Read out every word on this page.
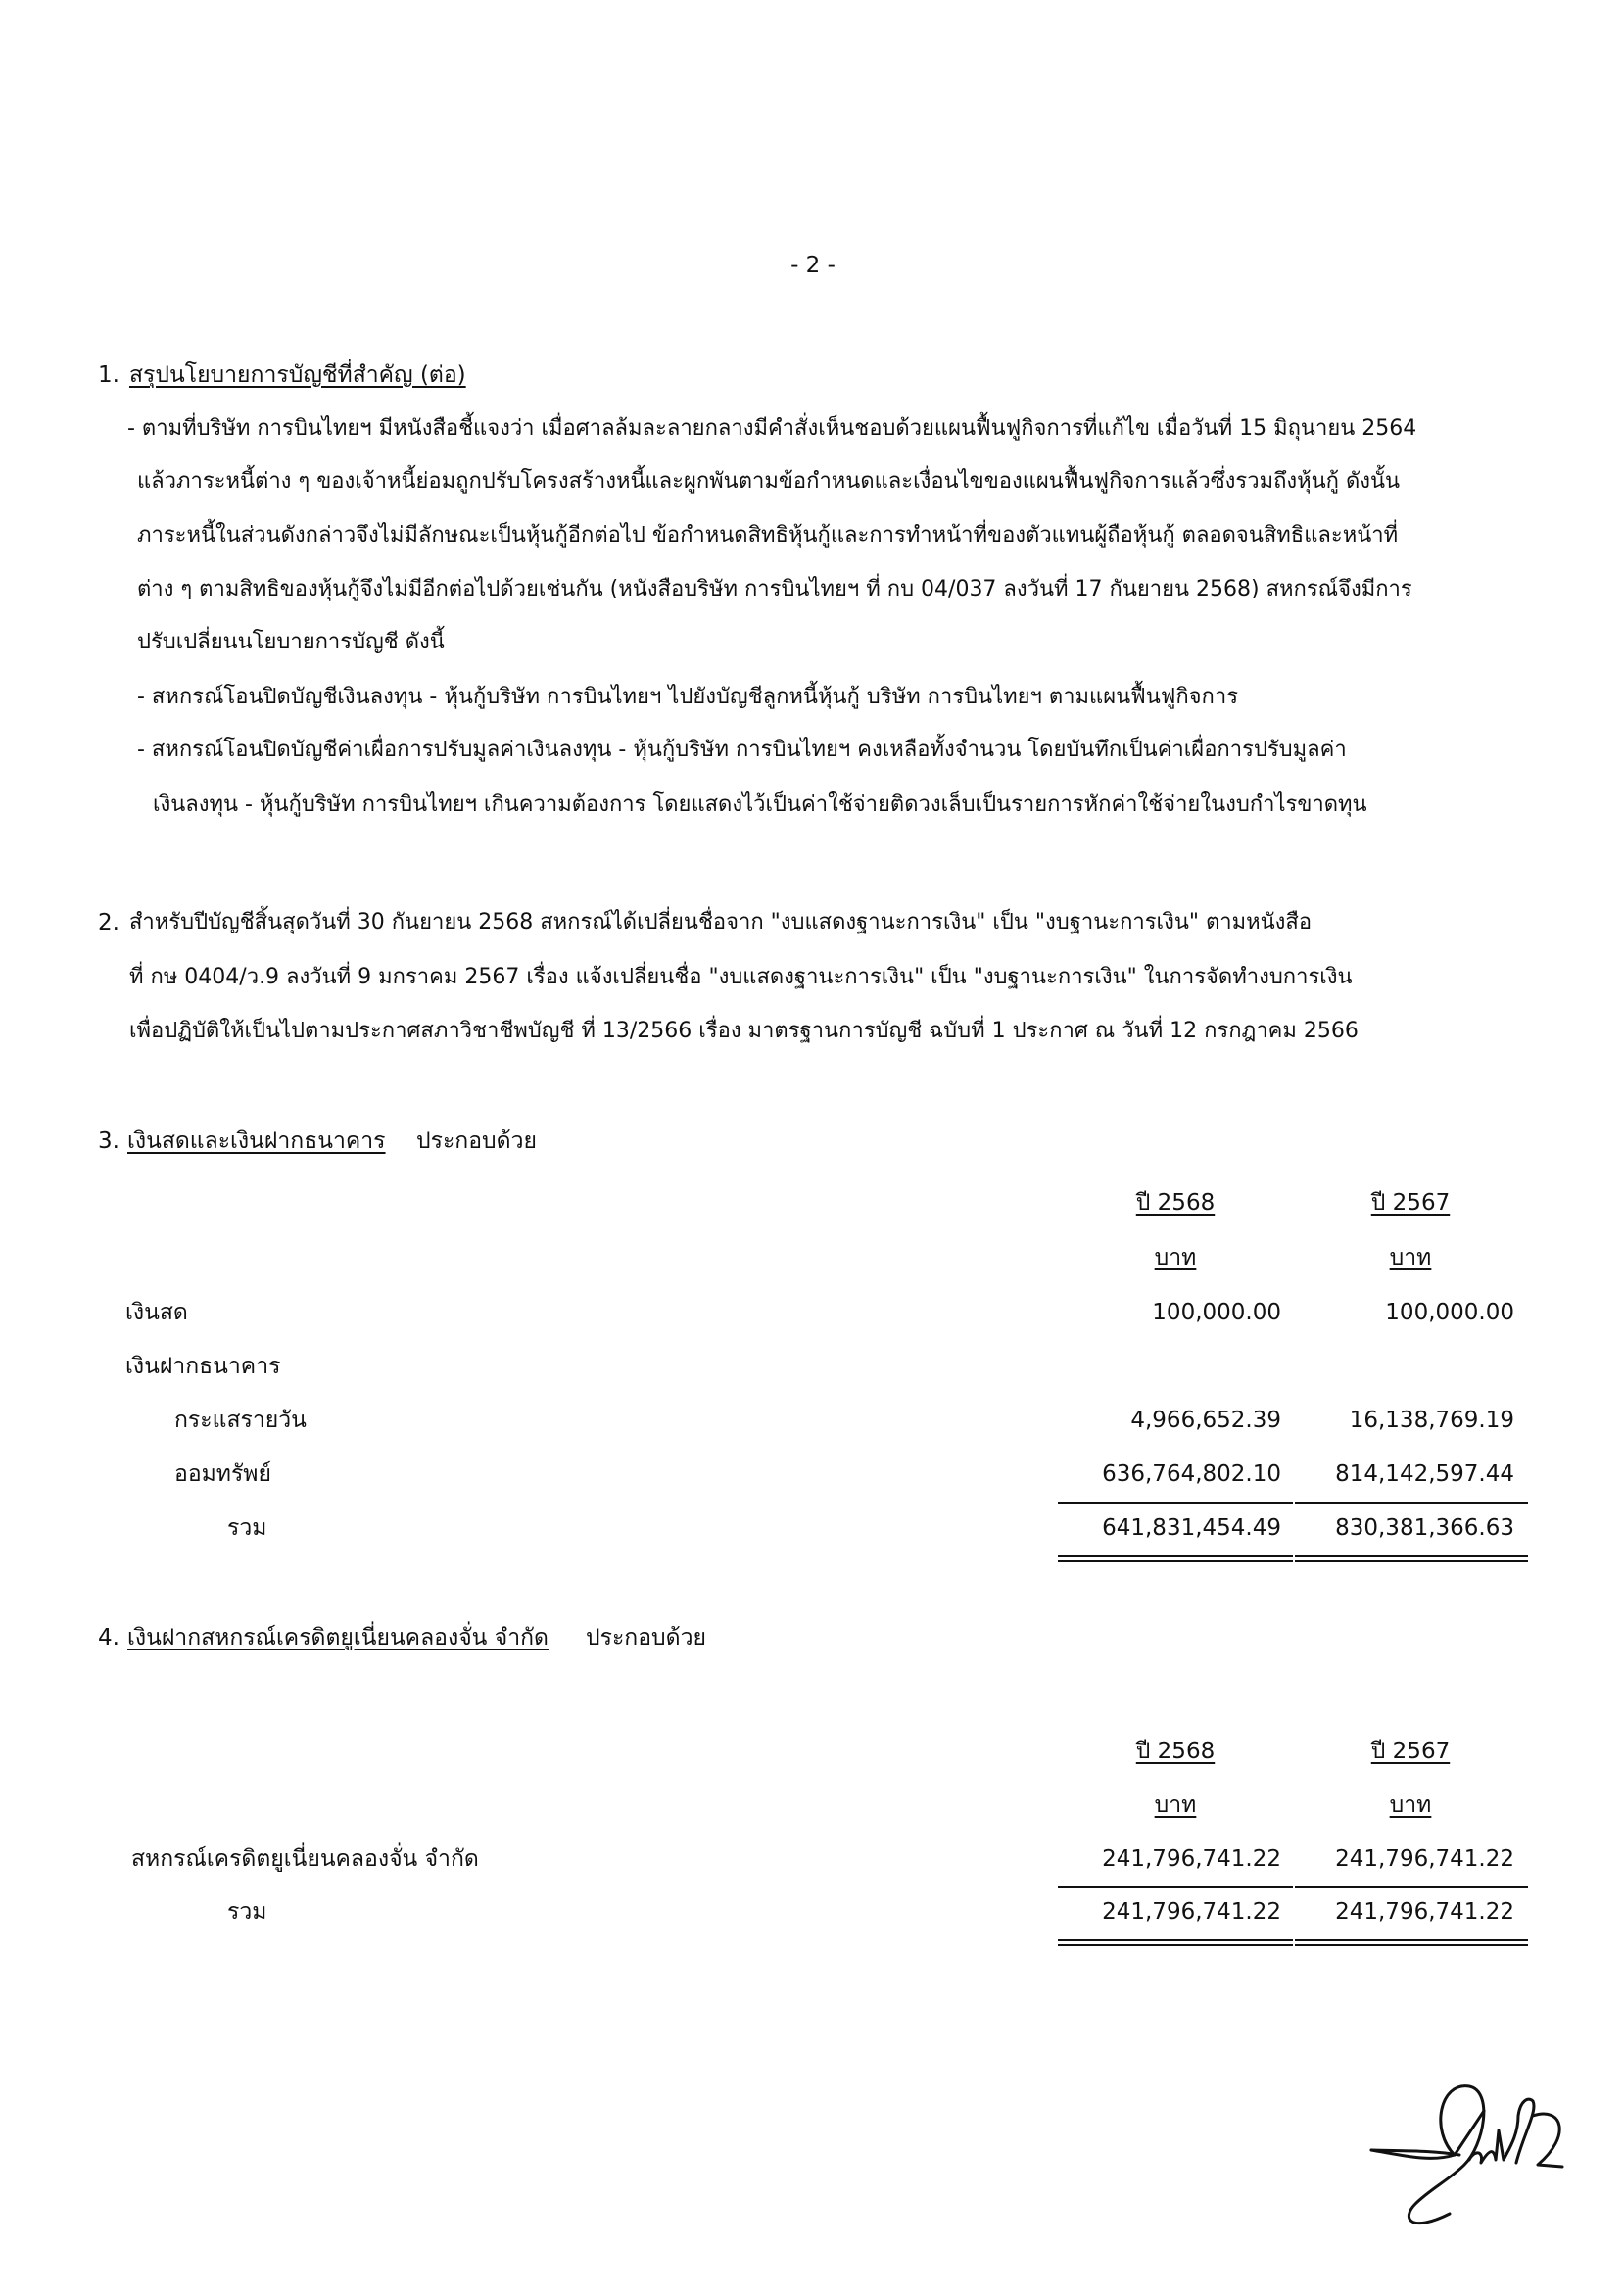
- 2 -
1. สรุปนโยบายการบัญชีที่สำคัญ (ต่อ)
- ตามที่บริษัท การบินไทยฯ มีหนังสือชี้แจงว่า เมื่อศาลล้มละลายกลางมีคำสั่งเห็นชอบด้วยแผนฟื้นฟูกิจการที่แก้ไข เมื่อวันที่ 15 มิถุนายน 2564
แล้วภาระหนี้ต่าง ๆ ของเจ้าหนี้ย่อมถูกปรับโครงสร้างหนี้และผูกพันตามข้อกำหนดและเงื่อนไขของแผนฟื้นฟูกิจการแล้วซึ่งรวมถึงหุ้นกู้ ดังนั้น
ภาระหนี้ในส่วนดังกล่าวจึงไม่มีลักษณะเป็นหุ้นกู้อีกต่อไป ข้อกำหนดสิทธิหุ้นกู้และการทำหน้าที่ของตัวแทนผู้ถือหุ้นกู้ ตลอดจนสิทธิและหน้าที่
ต่าง ๆ ตามสิทธิของหุ้นกู้จึงไม่มีอีกต่อไปด้วยเช่นกัน (หนังสือบริษัท การบินไทยฯ ที่ กบ 04/037 ลงวันที่ 17 กันยายน 2568) สหกรณ์จึงมีการ
ปรับเปลี่ยนนโยบายการบัญชี ดังนี้
- สหกรณ์โอนปิดบัญชีเงินลงทุน - หุ้นกู้บริษัท การบินไทยฯ ไปยังบัญชีลูกหนี้หุ้นกู้ บริษัท การบินไทยฯ ตามแผนฟื้นฟูกิจการ
- สหกรณ์โอนปิดบัญชีค่าเผื่อการปรับมูลค่าเงินลงทุน - หุ้นกู้บริษัท การบินไทยฯ คงเหลือทั้งจำนวน โดยบันทึกเป็นค่าเผื่อการปรับมูลค่า
เงินลงทุน - หุ้นกู้บริษัท การบินไทยฯ เกินความต้องการ โดยแสดงไว้เป็นค่าใช้จ่ายติดวงเล็บเป็นรายการหักค่าใช้จ่ายในงบกำไรขาดทุน
2. สำหรับปีบัญชีสิ้นสุดวันที่ 30 กันยายน 2568 สหกรณ์ได้เปลี่ยนชื่อจาก "งบแสดงฐานะการเงิน" เป็น "งบฐานะการเงิน" ตามหนังสือ
ที่ กษ 0404/ว.9 ลงวันที่ 9 มกราคม 2567 เรื่อง แจ้งเปลี่ยนชื่อ "งบแสดงฐานะการเงิน" เป็น "งบฐานะการเงิน" ในการจัดทำงบการเงิน
เพื่อปฏิบัติให้เป็นไปตามประกาศสภาวิชาชีพบัญชี ที่ 13/2566 เรื่อง มาตรฐานการบัญชี ฉบับที่ 1 ประกาศ ณ วันที่ 12 กรกฎาคม 2566
3. เงินสดและเงินฝากธนาคาร ประกอบด้วย
ปี 2568	ปี 2567
บาท	บาท
เงินสด	100,000.00	100,000.00
เงินฝากธนาคาร
กระแสรายวัน	4,966,652.39	16,138,769.19
ออมทรัพย์	636,764,802.10	814,142,597.44
รวม	641,831,454.49	830,381,366.63
4. เงินฝากสหกรณ์เครดิตยูเนี่ยนคลองจั่น จำกัด ประกอบด้วย
ปี 2568	ปี 2567
บาท	บาท
สหกรณ์เครดิตยูเนี่ยนคลองจั่น จำกัด	241,796,741.22	241,796,741.22
รวม	241,796,741.22	241,796,741.22
